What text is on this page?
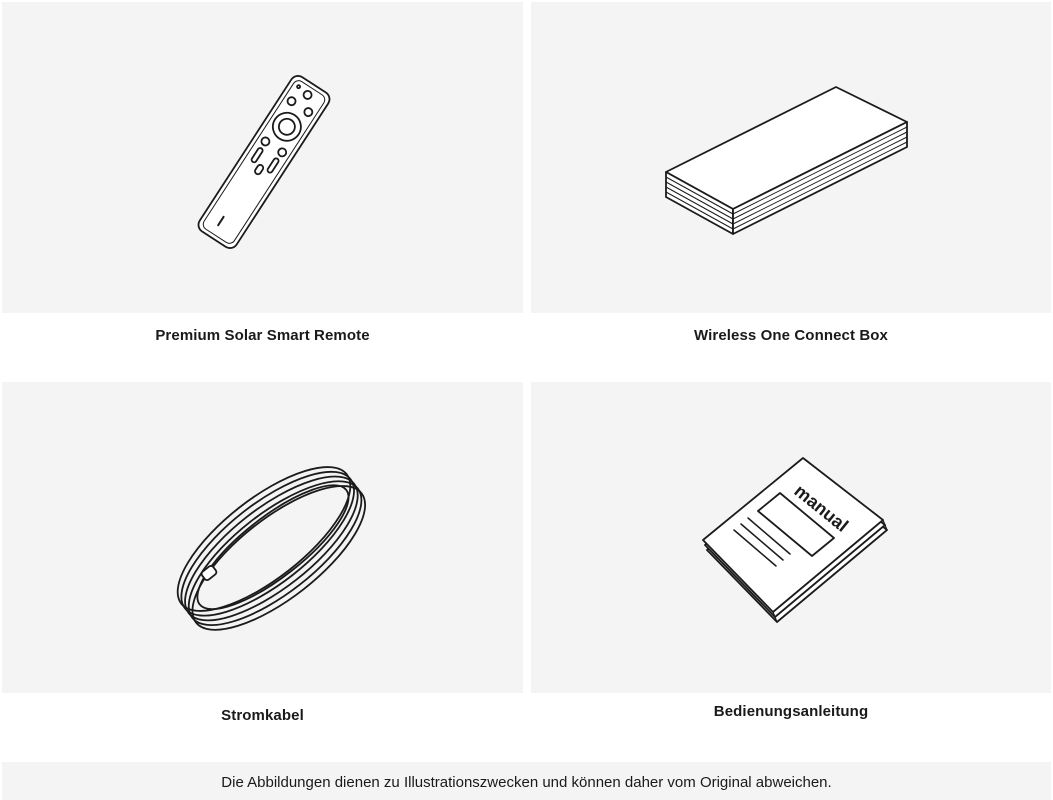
Premium Solar Smart Remote	Wireless One Connect Box
Stromkabel
manual
Bedienungsanleitung
Die Abbildungen dienen zu Illustrationszwecken und können daher vom Original abweichen.
